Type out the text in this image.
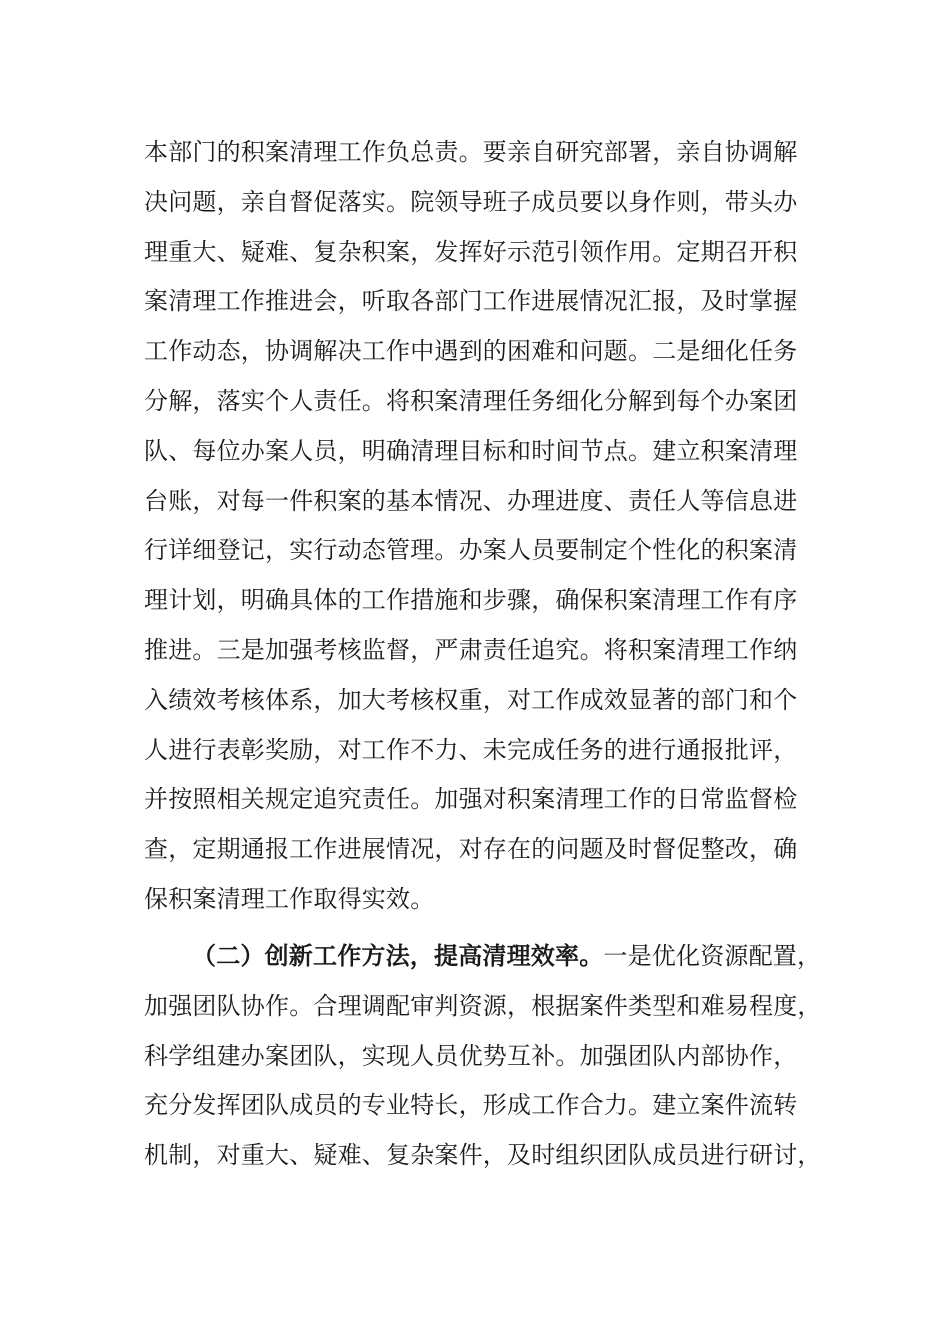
本部门的积案清理工作负总责。要亲自研究部署，亲自协调解
决问题，亲自督促落实。院领导班子成员要以身作则，带头办
理重大、疑难、复杂积案，发挥好示范引领作用。定期召开积
案清理工作推进会，听取各部门工作进展情况汇报，及时掌握
工作动态，协调解决工作中遇到的困难和问题。二是细化任务
分解，落实个人责任。将积案清理任务细化分解到每个办案团
队、每位办案人员，明确清理目标和时间节点。建立积案清理
台账，对每一件积案的基本情况、办理进度、责任人等信息进
行详细登记，实行动态管理。办案人员要制定个性化的积案清
理计划，明确具体的工作措施和步骤，确保积案清理工作有序
推进。三是加强考核监督，严肃责任追究。将积案清理工作纳
入绩效考核体系，加大考核权重，对工作成效显著的部门和个
人进行表彰奖励，对工作不力、未完成任务的进行通报批评，
并按照相关规定追究责任。加强对积案清理工作的日常监督检
查，定期通报工作进展情况，对存在的问题及时督促整改，确
保积案清理工作取得实效。
（二）创新工作方法，提高清理效率。一是优化资源配置，
加强团队协作。合理调配审判资源，根据案件类型和难易程度，
科学组建办案团队，实现人员优势互补。加强团队内部协作，
充分发挥团队成员的专业特长，形成工作合力。建立案件流转
机制，对重大、疑难、复杂案件，及时组织团队成员进行研讨，
